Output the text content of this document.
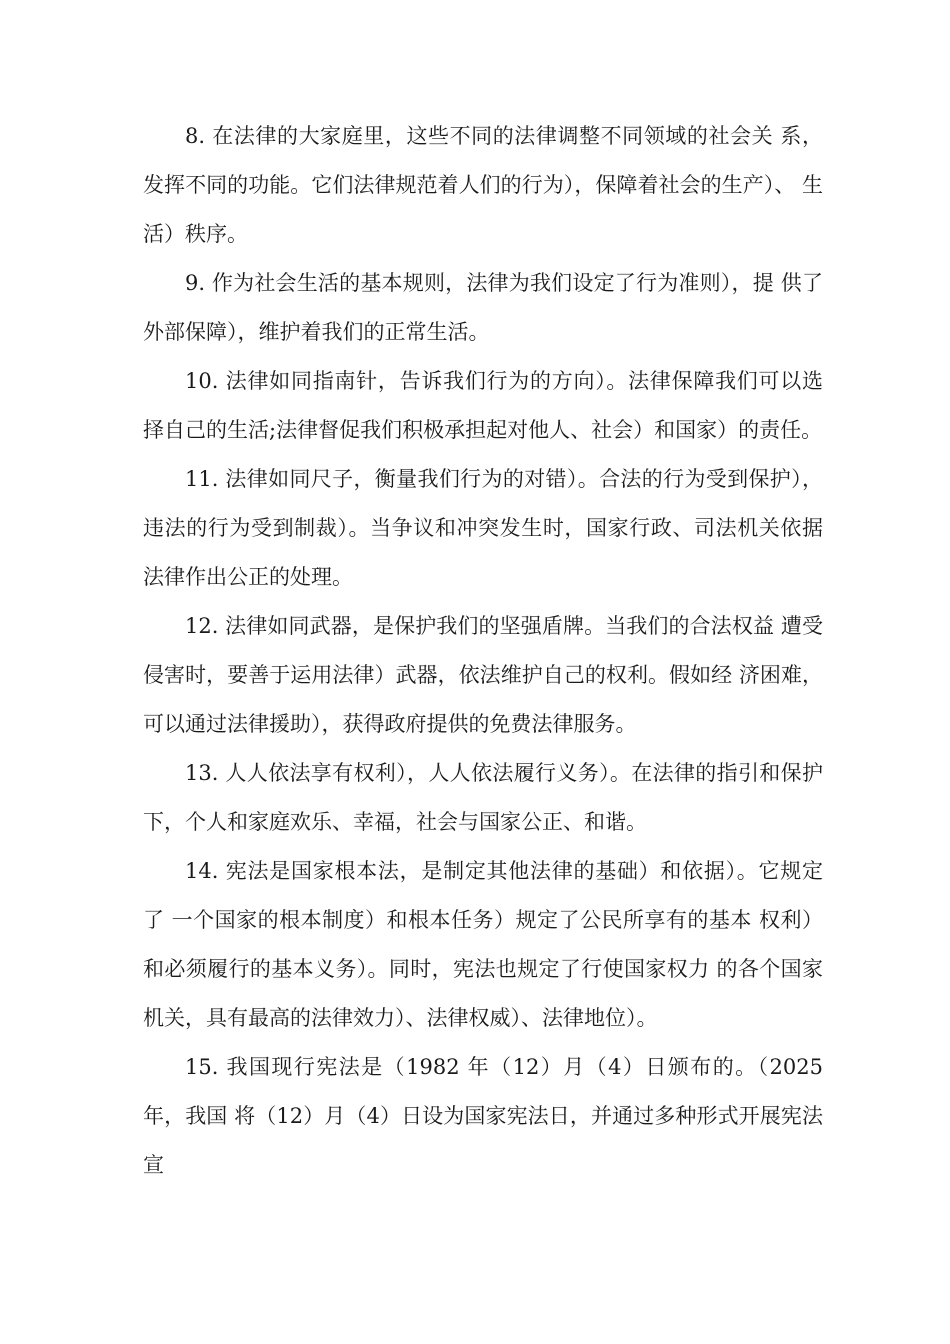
8. 在法律的大家庭里，这些不同的法律调整不同领域的社会关 系，发挥不同的功能。它们法律规范着人们的行为），保障着社会的生产）、 生活）秩序。

9. 作为社会生活的基本规则，法律为我们设定了行为准则），提 供了外部保障），维护着我们的正常生活。

10. 法律如同指南针，告诉我们行为的方向）。法律保障我们可以选择自己的生活;法律督促我们积极承担起对他人、社会）和国家）的责任。

11. 法律如同尺子，衡量我们行为的对错）。合法的行为受到保护），违法的行为受到制裁）。当争议和冲突发生时，国家行政、司法机关依据法律作出公正的处理。

12. 法律如同武器，是保护我们的坚强盾牌。当我们的合法权益 遭受侵害时，要善于运用法律）武器，依法维护自己的权利。假如经 济困难，可以通过法律援助），获得政府提供的免费法律服务。

13. 人人依法享有权利），人人依法履行义务）。在法律的指引和保护下，个人和家庭欢乐、幸福，社会与国家公正、和谐。

14. 宪法是国家根本法，是制定其他法律的基础）和依据）。它规定了 一个国家的根本制度）和根本任务）规定了公民所享有的基本 权利）和必须履行的基本义务）。同时，宪法也规定了行使国家权力 的各个国家机关，具有最高的法律效力）、法律权威）、法律地位）。

15. 我国现行宪法是（1982 年（12）月（4）日颁布的。（2025 年，我国 将（12）月（4）日设为国家宪法日，并通过多种形式开展宪法宣
